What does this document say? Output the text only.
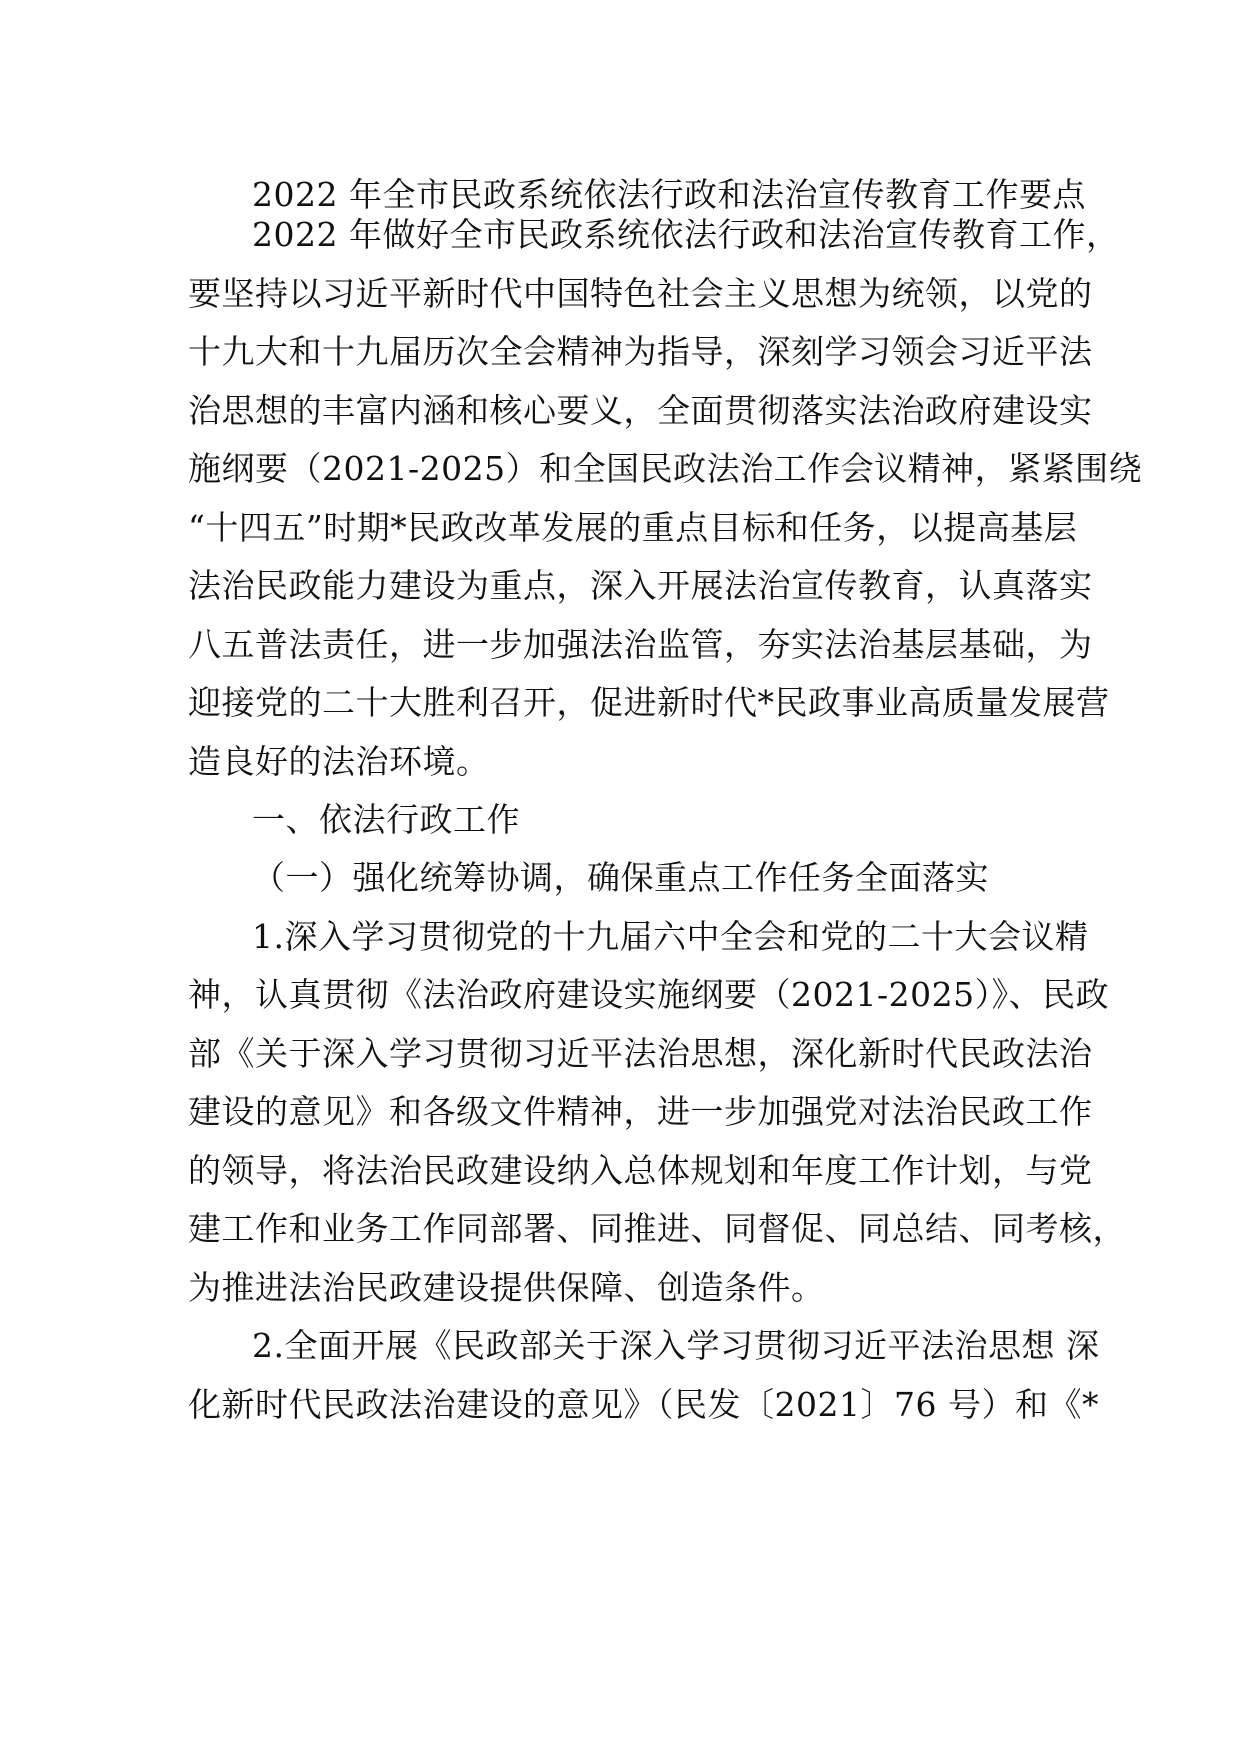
2022 年全市民政系统依法行政和法治宣传教育工作要点
2022 年做好全市民政系统依法行政和法治宣传教育工作，
要坚持以习近平新时代中国特色社会主义思想为统领，以党的
十九大和十九届历次全会精神为指导，深刻学习领会习近平法
治思想的丰富内涵和核心要义，全面贯彻落实法治政府建设实
施纲要（2021-2025）和全国民政法治工作会议精神，紧紧围绕
“十四五”时期*民政改革发展的重点目标和任务，以提高基层
法治民政能力建设为重点，深入开展法治宣传教育，认真落实
八五普法责任，进一步加强法治监管，夯实法治基层基础，为
迎接党的二十大胜利召开，促进新时代*民政事业高质量发展营
造良好的法治环境。
一、依法行政工作
（一）强化统筹协调，确保重点工作任务全面落实
1.深入学习贯彻党的十九届六中全会和党的二十大会议精
神，认真贯彻《法治政府建设实施纲要（2021-2025）》、民政
部《关于深入学习贯彻习近平法治思想，深化新时代民政法治
建设的意见》和各级文件精神，进一步加强党对法治民政工作
的领导，将法治民政建设纳入总体规划和年度工作计划，与党
建工作和业务工作同部署、同推进、同督促、同总结、同考核，
为推进法治民政建设提供保障、创造条件。
2.全面开展《民政部关于深入学习贯彻习近平法治思想 深
化新时代民政法治建设的意见》（民发〔2021〕76 号）和《*
